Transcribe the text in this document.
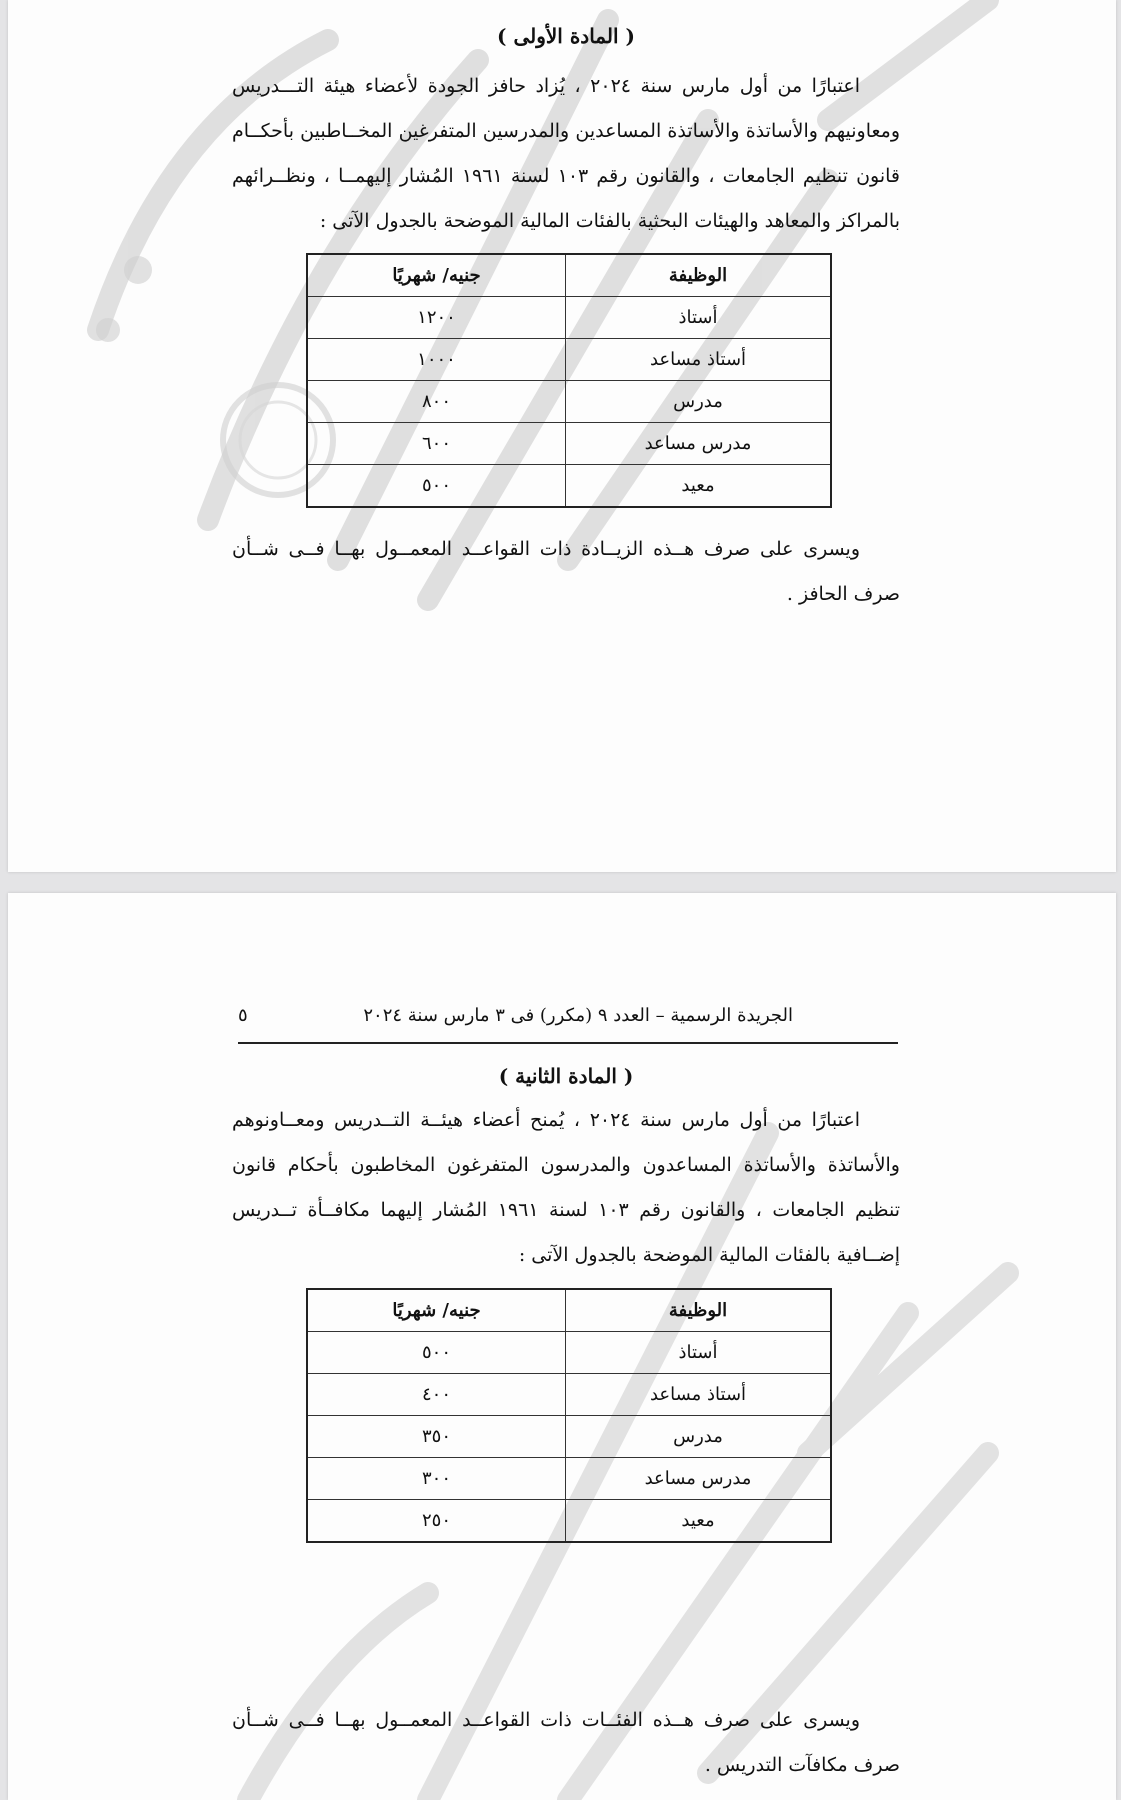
( المادة الأولى )

اعتبارًا من أول مارس سنة ٢٠٢٤ ، يُزاد حافز الجودة لأعضاء هيئة التـــدريس ومعاونيهم والأساتذة والأساتذة المساعدين والمدرسين المتفرغين المخــاطبين بأحكــام قانون تنظيم الجامعات ، والقانون رقم ١٠٣ لسنة ١٩٦١ المُشار إليهمــا ، ونظــرائهم بالمراكز والمعاهد والهيئات البحثية بالفئات المالية الموضحة بالجدول الآتى :

الوظيفة	جنيه/ شهريًا
أستاذ	١٢٠٠
أستاذ مساعد	١٠٠٠
مدرس	٨٠٠
مدرس مساعد	٦٠٠
معيد	٥٠٠

ويسرى على صرف هــذه الزيــادة ذات القواعــد المعمــول بهــا فــى شــأن صرف الحافز .

الجريدة الرسمية – العدد ٩ (مكرر) فى ٣ مارس سنة ٢٠٢٤
٥
( المادة الثانية )

اعتبارًا من أول مارس سنة ٢٠٢٤ ، يُمنح أعضاء هيئــة التــدريس ومعــاونوهم والأساتذة والأساتذة المساعدون والمدرسون المتفرغون المخاطبون بأحكام قانون تنظيم الجامعات ، والقانون رقم ١٠٣ لسنة ١٩٦١ المُشار إليهما مكافــأة تــدريس إضــافية بالفئات المالية الموضحة بالجدول الآتى :

الوظيفة	جنيه/ شهريًا
أستاذ	٥٠٠
أستاذ مساعد	٤٠٠
مدرس	٣٥٠
مدرس مساعد	٣٠٠
معيد	٢٥٠

ويسرى على صرف هــذه الفئــات ذات القواعــد المعمــول بهــا فــى شــأن صرف مكافآت التدريس .
